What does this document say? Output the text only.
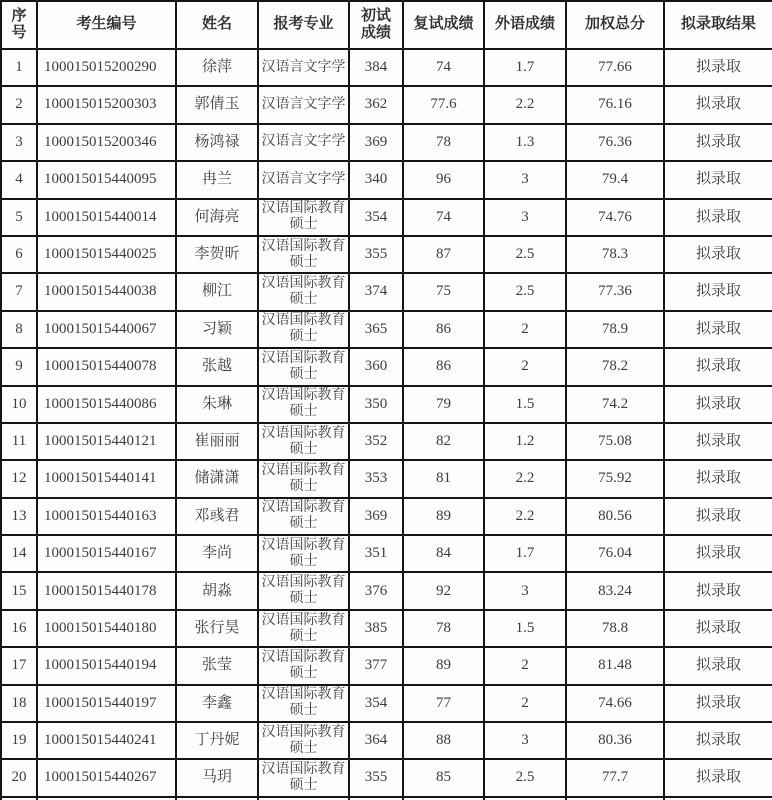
序号	考生编号	姓名	报考专业	初试成绩	复试成绩	外语成绩	加权总分	拟录取结果
1	100015015200290	徐萍	汉语言文字学	384	74	1.7	77.66	拟录取
2	100015015200303	郭倩玉	汉语言文字学	362	77.6	2.2	76.16	拟录取
3	100015015200346	杨鸿禄	汉语言文字学	369	78	1.3	76.36	拟录取
4	100015015440095	冉兰	汉语言文字学	340	96	3	79.4	拟录取
5	100015015440014	何海亮	汉语国际教育硕士	354	74	3	74.76	拟录取
6	100015015440025	李贺昕	汉语国际教育硕士	355	87	2.5	78.3	拟录取
7	100015015440038	柳江	汉语国际教育硕士	374	75	2.5	77.36	拟录取
8	100015015440067	习颖	汉语国际教育硕士	365	86	2	78.9	拟录取
9	100015015440078	张越	汉语国际教育硕士	360	86	2	78.2	拟录取
10	100015015440086	朱琳	汉语国际教育硕士	350	79	1.5	74.2	拟录取
11	100015015440121	崔丽丽	汉语国际教育硕士	352	82	1.2	75.08	拟录取
12	100015015440141	储潇潇	汉语国际教育硕士	353	81	2.2	75.92	拟录取
13	100015015440163	邓彧君	汉语国际教育硕士	369	89	2.2	80.56	拟录取
14	100015015440167	李尚	汉语国际教育硕士	351	84	1.7	76.04	拟录取
15	100015015440178	胡淼	汉语国际教育硕士	376	92	3	83.24	拟录取
16	100015015440180	张行昊	汉语国际教育硕士	385	78	1.5	78.8	拟录取
17	100015015440194	张莹	汉语国际教育硕士	377	89	2	81.48	拟录取
18	100015015440197	李鑫	汉语国际教育硕士	354	77	2	74.66	拟录取
19	100015015440241	丁丹妮	汉语国际教育硕士	364	88	3	80.36	拟录取
20	100015015440267	马玥	汉语国际教育硕士	355	85	2.5	77.7	拟录取
